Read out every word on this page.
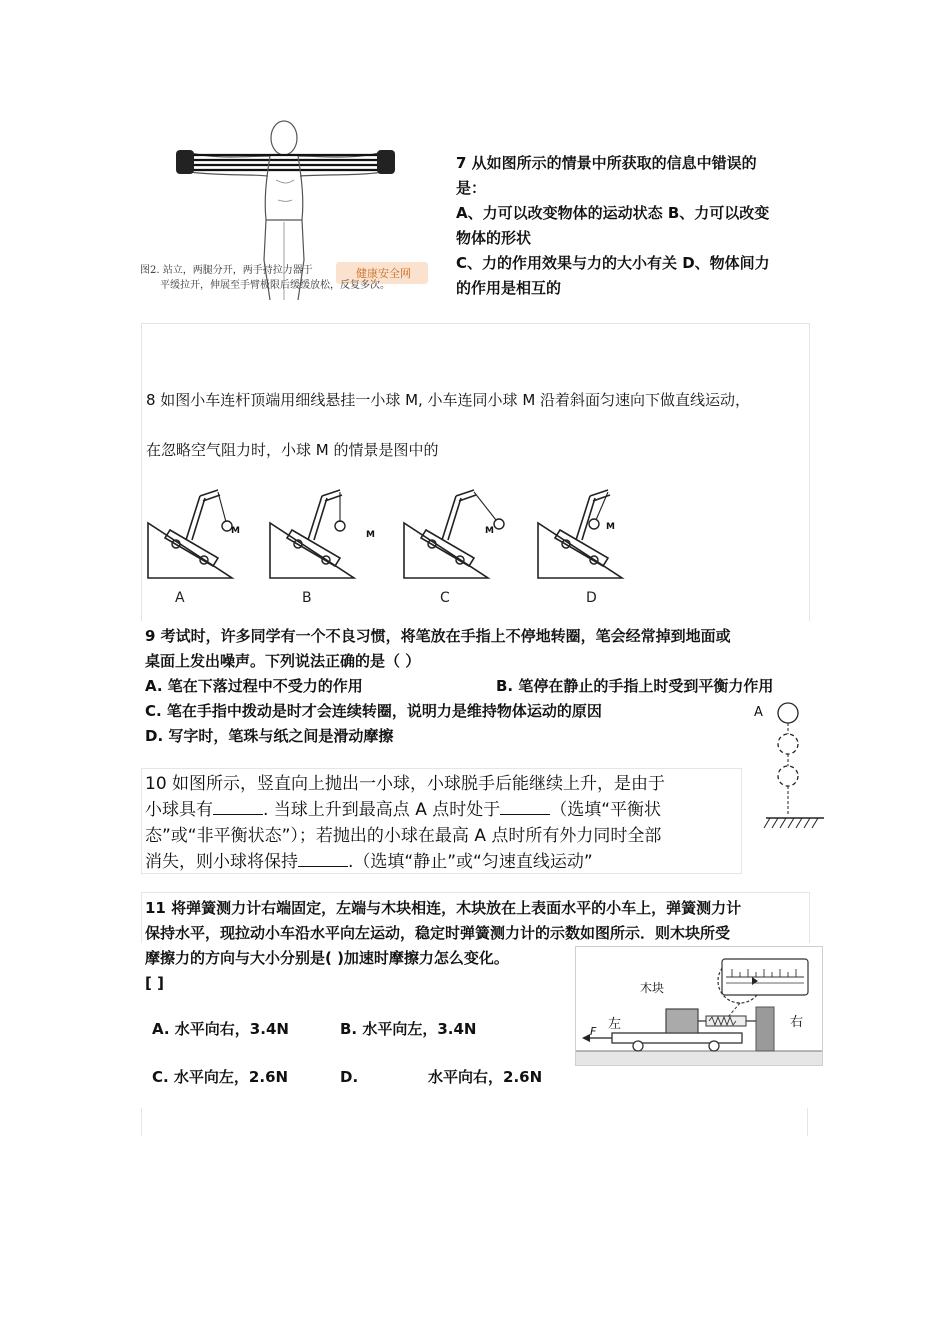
图2. 站立，两腿分开，两手持拉力器于
平缓拉开，伸展至手臂极限后缓缓放松，反复多次。
健康安全网
7 从如图所示的情景中所获取的信息中错误的
是：
A、力可以改变物体的运动状态 B、力可以改变
物体的形状
C、力的作用效果与力的大小有关 D、物体间力
的作用是相互的
8 如图小车连杆顶端用细线悬挂一小球 M, 小车连同小球 M 沿着斜面匀速向下做直线运动，
在忽略空气阻力时，小球 M 的情景是图中的
M	M	M	M
A	B	C	D
9 考试时，许多同学有一个不良习惯，将笔放在手指上不停地转圈，笔会经常掉到地面或
桌面上发出噪声。下列说法正确的是（ ）
A. 笔在下落过程中不受力的作用	B. 笔停在静止的手指上时受到平衡力作用
C. 笔在手指中拨动是时才会连续转圈，说明力是维持物体运动的原因
D. 写字时，笔珠与纸之间是滑动摩擦
A
10 如图所示，竖直向上抛出一小球，小球脱手后能继续上升，是由于
小球具有	. 当球上升到最高点 A 点时处于	（选填“平衡状
态”或“非平衡状态”）；若抛出的小球在最高 A 点时所有外力同时全部
消失，则小球将保持	.（选填“静止”或“匀速直线运动”
11 将弹簧测力计右端固定，左端与木块相连，木块放在上表面水平的小车上，弹簧测力计
保持水平，现拉动小车沿水平向左运动，稳定时弹簧测力计的示数如图所示．则木块所受
摩擦力的方向与大小分别是( )加速时摩擦力怎么变化。
[ ]
A. 水平向右，3.4N	B. 水平向左，3.4N
C. 水平向左，2.6N	D.	水平向右，2.6N
木块
左	右
F
